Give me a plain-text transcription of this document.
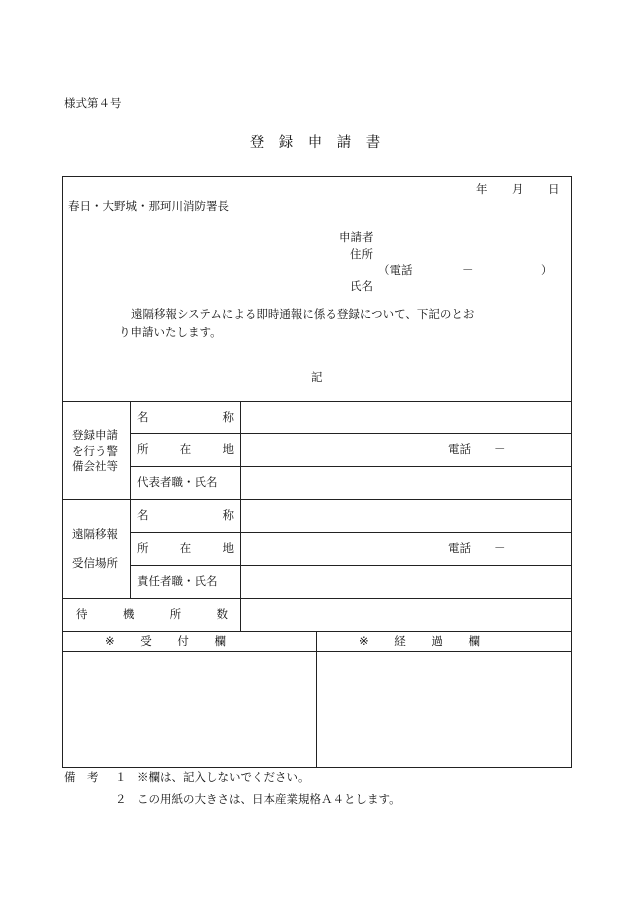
様式第４号
登　録　申　請　書
年 月 日
春日・大野城・那珂川消防署長
申請者
住所
（電話	－	）
氏名
遠隔移報システムによる即時通報に係る登録について、下記のとお
り申請いたします。
記
登録申請
を行う警
備会社等
名	称
所	在	地	電話　　－
代表者職・氏名
遠隔移報
受信場所
名	称
所	在	地	電話　　－
責任者職・氏名
待	機	所	数
※ 受 付 欄	※ 経 過 欄
備　考 １ ※欄は、記入しないでください。
２ この用紙の大きさは、日本産業規格Ａ４とします。
